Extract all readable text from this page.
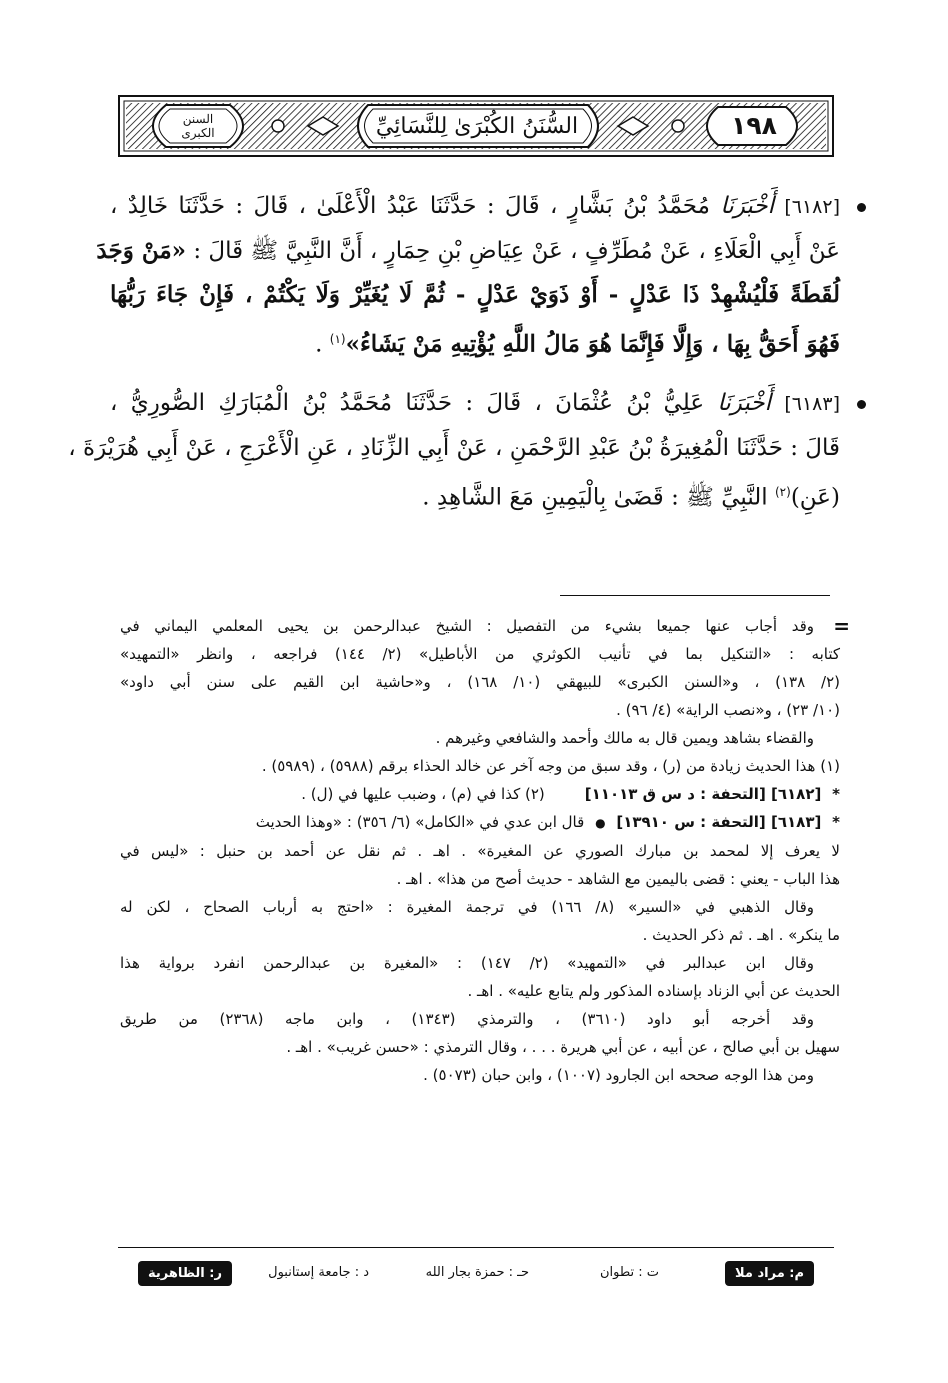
السنن
الكبرى	السُّنَنُ الكُبْرَىٰ لِلنَّسَائِيِّ	١٩٨
[٦١٨٢] أَخْبَرَنَا مُحَمَّدُ بْنُ بَشَّارٍ ، قَالَ : حَدَّثَنَا عَبْدُ الْأَعْلَىٰ ، قَالَ : حَدَّثَنَا خَالِدٌ ،
عَنْ أَبِي الْعَلَاءِ ، عَنْ مُطَرِّفٍ ، عَنْ عِيَاضِ بْنِ حِمَارٍ ، أَنَّ النَّبِيَّ ﷺ قَالَ : «مَنْ وَجَدَ
لُقَطَةً فَلْيُشْهِدْ ذَا عَدْلٍ - أَوْ ذَوَيْ عَدْلٍ - ثُمَّ لَا يُغَيِّرْ وَلَا يَكْتُمْ ، فَإِنْ جَاءَ رَبُّهَا
فَهُوَ أَحَقُّ بِهَا ، وَإِلَّا فَإِنَّمَا هُوَ مَالُ اللَّهِ يُؤْتِيهِ مَنْ يَشَاءُ»$^{(١)}$ .
[٦١٨٣] أَخْبَرَنَا عَلِيُّ بْنُ عُثْمَانَ ، قَالَ : حَدَّثَنَا مُحَمَّدُ بْنُ الْمُبَارَكِ الصُّورِيُّ ،
قَالَ : حَدَّثَنَا الْمُغِيرَةُ بْنُ عَبْدِ الرَّحْمَنِ ، عَنْ أَبِي الزِّنَادِ ، عَنِ الْأَعْرَجِ ، عَنْ أَبِي هُرَيْرَةَ ،
(عَنِ)$^{(٢)}$ النَّبِيِّ ﷺ : قَضَىٰ بِالْيَمِينِ مَعَ الشَّاهِدِ .
=

وقد أجاب عنها جميعا بشيء من التفصيل : الشيخ عبدالرحمن بن يحيى المعلمي اليماني في

كتابه : «التنكيل بما في تأنيب الكوثري من الأباطيل» (٢/ ١٤٤) فراجعه ، وانظر «التمهيد»

(٢/ ١٣٨) ، و«السنن الكبرى» للبيهقي (١٠/ ١٦٨) ، و«حاشية ابن القيم على سنن أبي داود»

(١٠/ ٢٣) ، و«نصب الراية» (٤/ ٩٦) .

والقضاء بشاهد ويمين قال به مالك وأحمد والشافعي وغيرهم .

(١) هذا الحديث زيادة من (ر) ، وقد سبق من وجه آخر عن خالد الحذاء برقم (٥٩٨٨) ، (٥٩٨٩) .

* [٦١٨٢] [التحفة : د س ق ١١٠١٣]

(٢) كذا في (م) ، وضبب عليها في (ل) .

* [٦١٨٣] [التحفة : س ١٣٩١٠] ● قال ابن عدي في «الكامل» (٦/ ٣٥٦) : «وهذا الحديث

لا يعرف إلا لمحمد بن مبارك الصوري عن المغيرة» . اهـ . ثم نقل عن أحمد بن حنبل : «ليس في

هذا الباب - يعني : قضى باليمين مع الشاهد - حديث أصح من هذا» . اهـ .

وقال الذهبي في «السير» (٨/ ١٦٦) في ترجمة المغيرة : «احتج به أرباب الصحاح ، لكن له

ما ينكر» . اهـ . ثم ذكر الحديث .

وقال ابن عبدالبر في «التمهيد» (٢/ ١٤٧) : «المغيرة بن عبدالرحمن انفرد برواية هذا

الحديث عن أبي الزناد بإسناده المذكور ولم يتابع عليه» . اهـ .

وقد أخرجه أبو داود (٣٦١٠) ، والترمذي (١٣٤٣) ، وابن ماجه (٢٣٦٨) من طريق

سهيل بن أبي صالح ، عن أبيه ، عن أبي هريرة . . . ، وقال الترمذي : «حسن غريب» . اهـ .

ومن هذا الوجه صححه ابن الجارود (١٠٠٧) ، وابن حبان (٥٠٧٣) .

م: مراد ملا
ت : تطوان
حـ : حمزة بجار الله
د : جامعة إستانبول
ر: الظاهرية
